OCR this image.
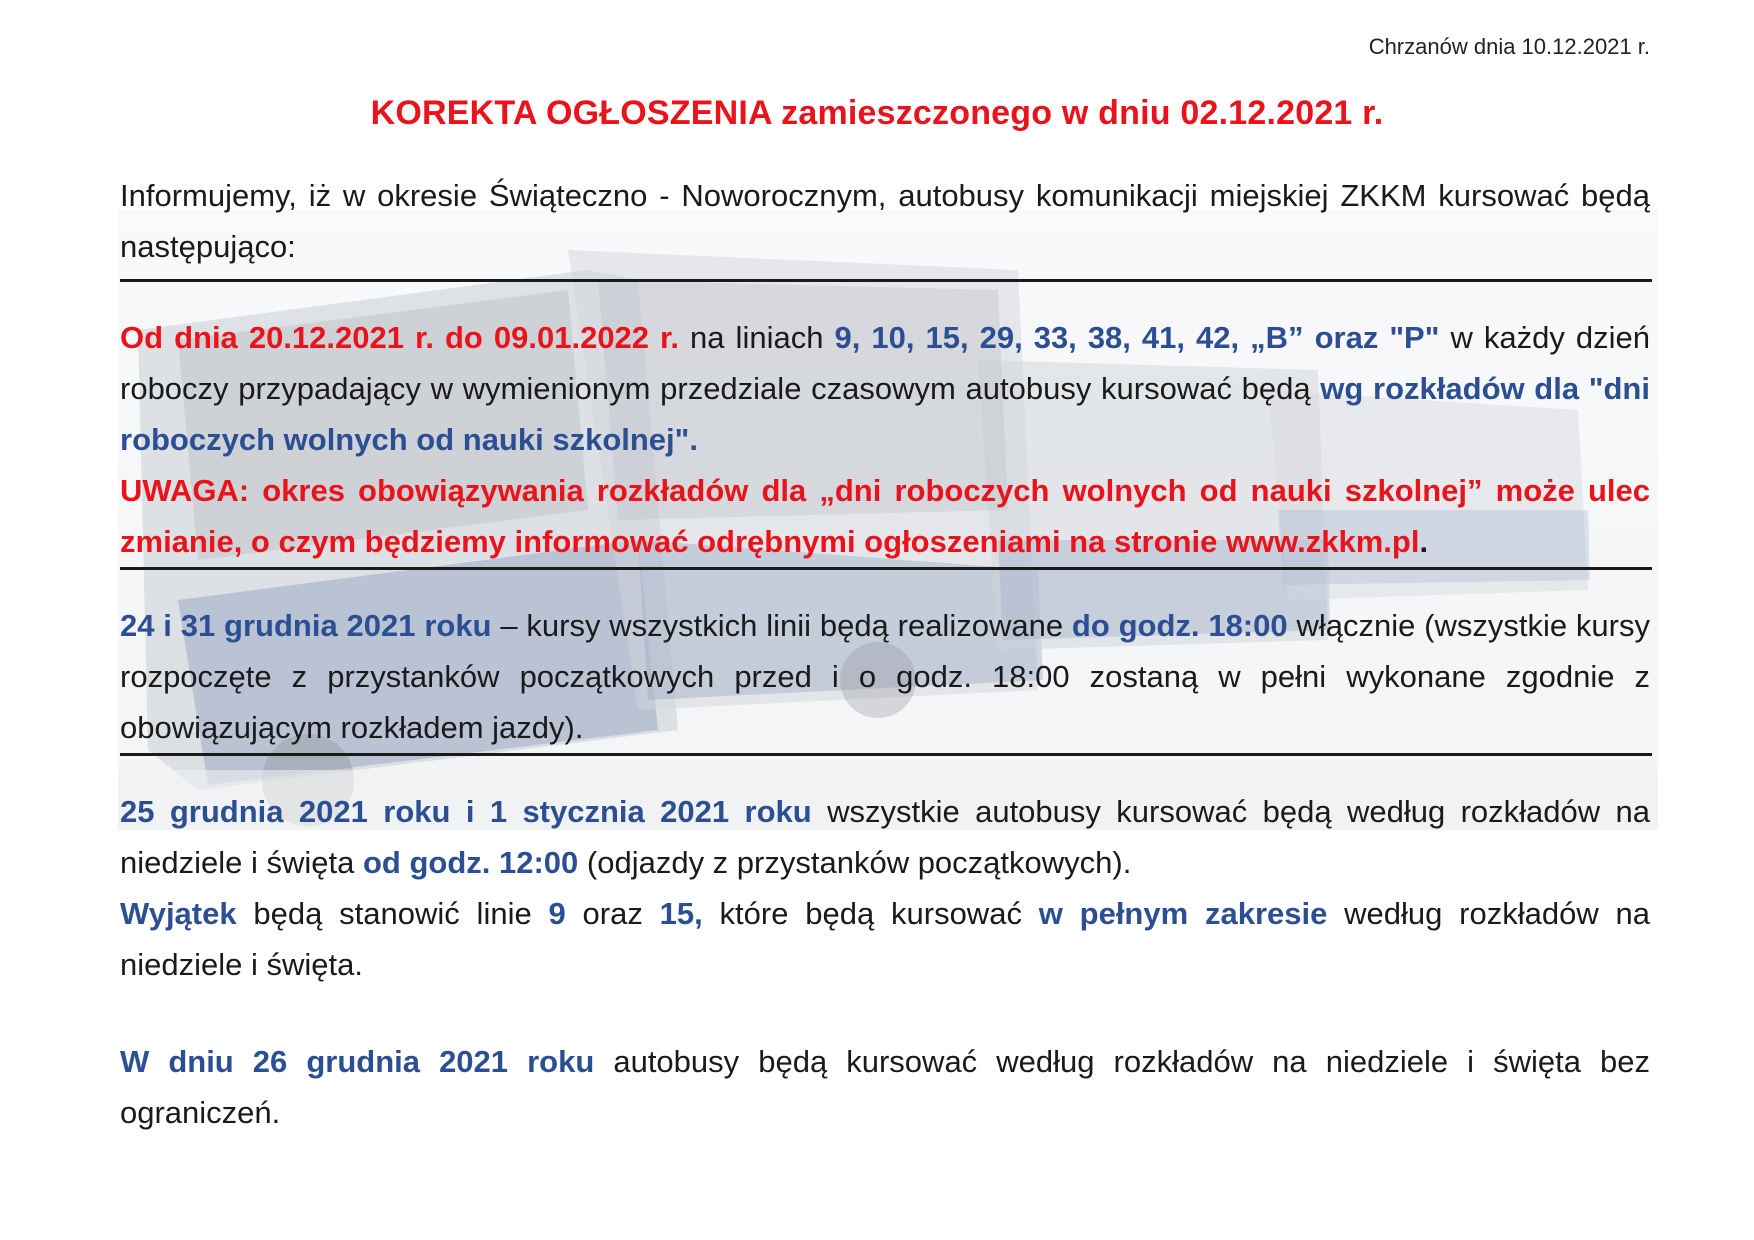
Chrzanów dnia 10.12.2021 r.
KOREKTA OGŁOSZENIA zamieszczonego w dniu 02.12.2021 r.

Informujemy, iż w okresie Świąteczno - Noworocznym, autobusy komunikacji miejskiej ZKKM kursować będą następująco:

Od dnia 20.12.2021 r. do 09.01.2022 r. na liniach 9, 10, 15, 29, 33, 38, 41, 42, „B” oraz "P" w każdy dzień roboczy przypadający w wymienionym przedziale czasowym autobusy kursować będą wg rozkładów dla "dni roboczych wolnych od nauki szkolnej".
UWAGA: okres obowiązywania rozkładów dla „dni roboczych wolnych od nauki szkolnej” może ulec zmianie, o czym będziemy informować odrębnymi ogłoszeniami na stronie www.zkkm.pl.

24 i 31 grudnia 2021 roku – kursy wszystkich linii będą realizowane do godz. 18:00 włącznie (wszystkie kursy rozpoczęte z przystanków początkowych przed i o godz. 18:00 zostaną w pełni wykonane zgodnie z obowiązującym rozkładem jazdy).

25 grudnia 2021 roku i 1 stycznia 2021 roku wszystkie autobusy kursować będą według rozkładów na niedziele i święta od godz. 12:00 (odjazdy z przystanków początkowych).
Wyjątek będą stanowić linie 9 oraz 15, które będą kursować w pełnym zakresie według rozkładów na niedziele i święta.

W dniu 26 grudnia 2021 roku autobusy będą kursować według rozkładów na niedziele i święta bez ograniczeń.
